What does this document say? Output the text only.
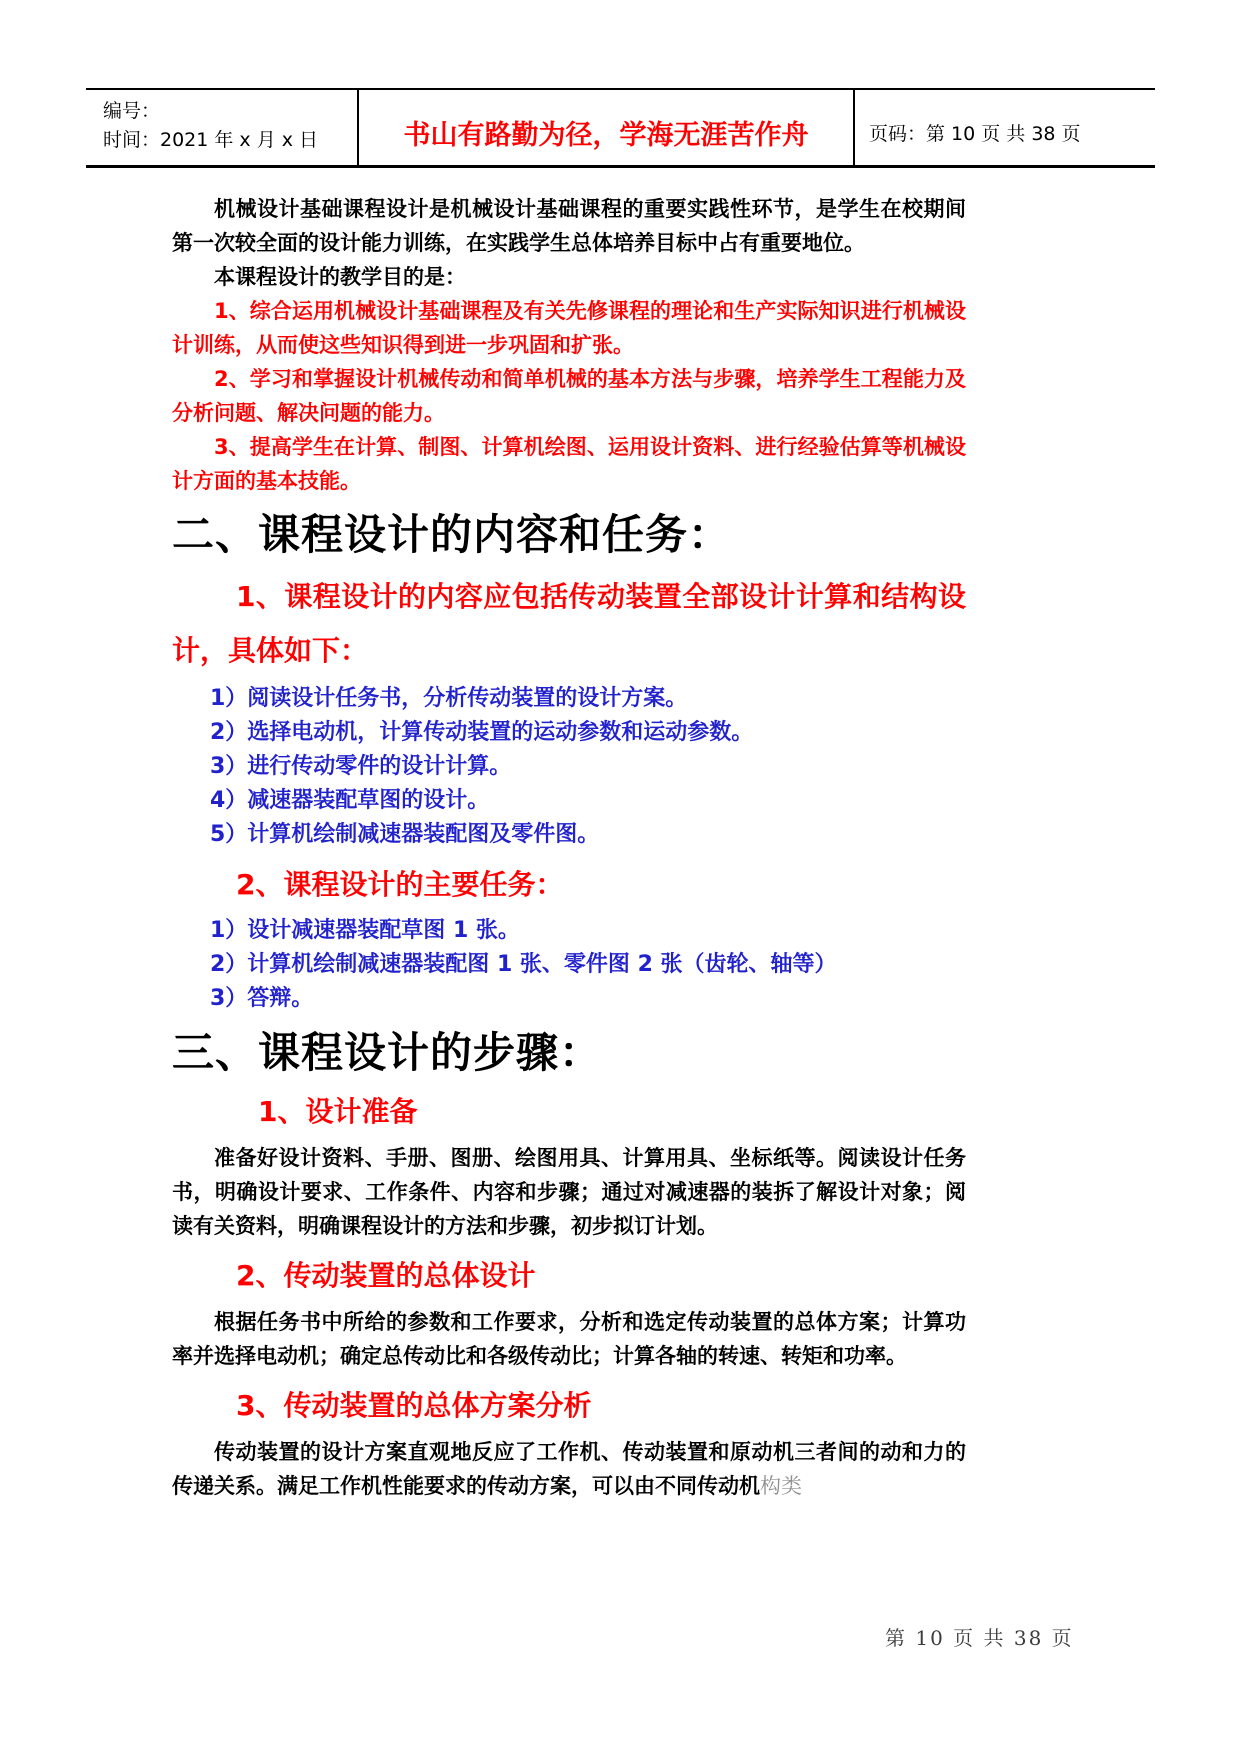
编号：
时间：2021 年 x 月 x 日	书山有路勤为径，学海无涯苦作舟	页码：第 10 页 共 38 页

机械设计基础课程设计是机械设计基础课程的重要实践性环节，是学生在校期间第一次较全面的设计能力训练，在实践学生总体培养目标中占有重要地位。

本课程设计的教学目的是：

1、综合运用机械设计基础课程及有关先修课程的理论和生产实际知识进行机械设计训练，从而使这些知识得到进一步巩固和扩张。

2、学习和掌握设计机械传动和简单机械的基本方法与步骤，培养学生工程能力及分析问题、解决问题的能力。

3、提高学生在计算、制图、计算机绘图、运用设计资料、进行经验估算等机械设计方面的基本技能。

二、课程设计的内容和任务：

1、课程设计的内容应包括传动装置全部设计计算和结构设计，具体如下：

1）阅读设计任务书，分析传动装置的设计方案。
2）选择电动机，计算传动装置的运动参数和运动参数。
3）进行传动零件的设计计算。
4）减速器装配草图的设计。
5）计算机绘制减速器装配图及零件图。

2、课程设计的主要任务：

1）设计减速器装配草图 1 张。
2）计算机绘制减速器装配图 1 张、零件图 2 张（齿轮、轴等）
3）答辩。
三、课程设计的步骤：

1、设计准备

准备好设计资料、手册、图册、绘图用具、计算用具、坐标纸等。阅读设计任务书，明确设计要求、工作条件、内容和步骤；通过对减速器的装拆了解设计对象；阅读有关资料，明确课程设计的方法和步骤，初步拟订计划。

2、传动装置的总体设计

根据任务书中所给的参数和工作要求，分析和选定传动装置的总体方案；计算功率并选择电动机；确定总传动比和各级传动比；计算各轴的转速、转矩和功率。

3、传动装置的总体方案分析

传动装置的设计方案直观地反应了工作机、传动装置和原动机三者间的动和力的传递关系。满足工作机性能要求的传动方案，可以由不同传动机构类

第 10 页 共 38 页
